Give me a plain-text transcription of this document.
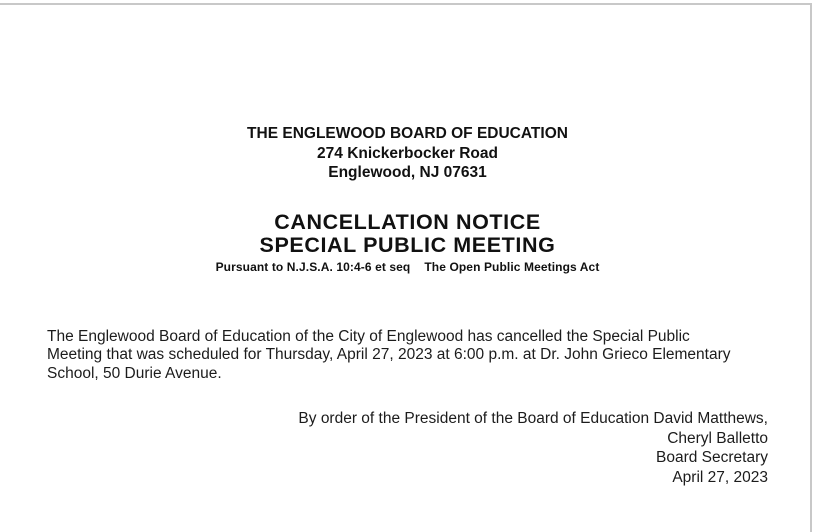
THE ENGLEWOOD BOARD OF EDUCATION
274 Knickerbocker Road
Englewood, NJ 07631
CANCELLATION NOTICE
SPECIAL PUBLIC MEETING
Pursuant to N.J.S.A. 10:4-6 et seq The Open Public Meetings Act
The Englewood Board of Education of the City of Englewood has cancelled the Special Public
Meeting that was scheduled for Thursday, April 27, 2023 at 6:00 p.m. at Dr. John Grieco Elementary
School, 50 Durie Avenue.
By order of the President of the Board of Education David Matthews,
Cheryl Balletto
Board Secretary
April 27, 2023
